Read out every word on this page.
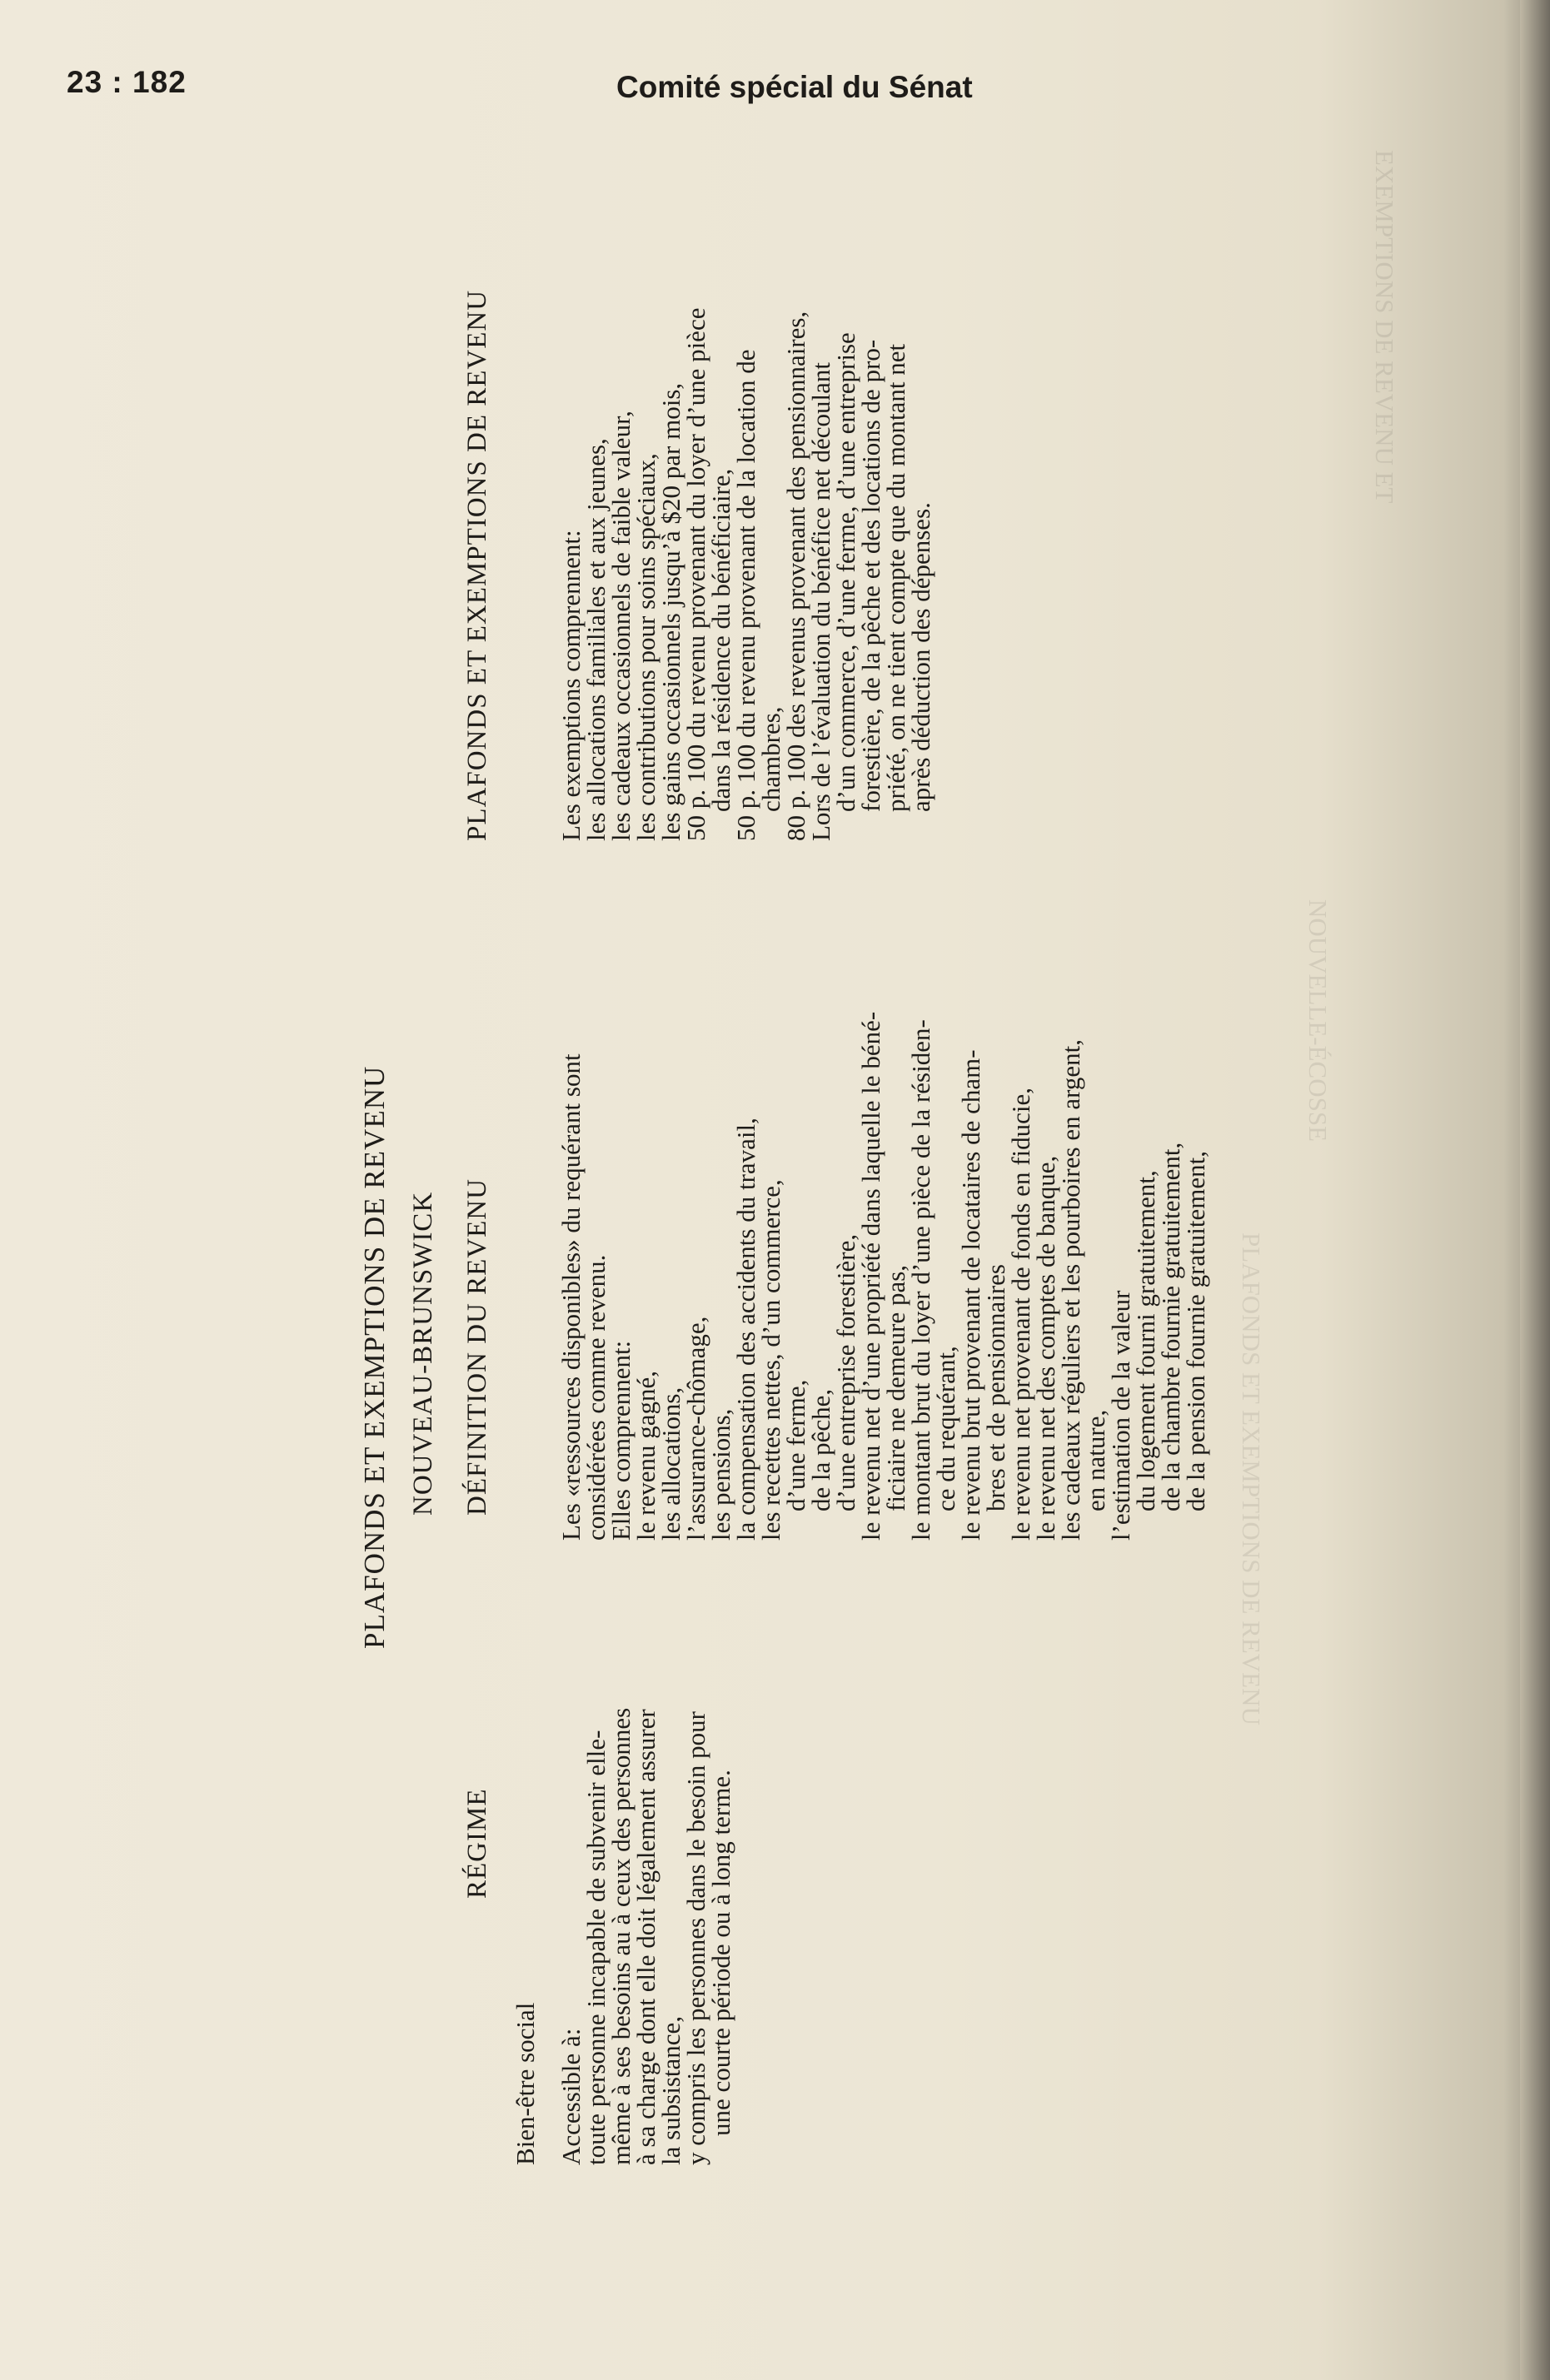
23 : 182	Comité spécial du Sénat
PLAFONDS ET EXEMPTIONS DE REVENU NOUVEAU-BRUNSWICK
RÉGIME
DÉFINITION DU REVENU
PLAFONDS ET EXEMPTIONS DE REVENU
Bien-être social Accessible à:
toute personne incapable de subvenir elle-
même à ses besoins au à ceux des personnes
à sa charge dont elle doit légalement assurer
la subsistance,
y compris les personnes dans le besoin pour
une courte période ou à long terme.
Les «ressources disponibles» du requérant sont
considérées comme revenu.
Elles comprennent:
le revenu gagné,
les allocations,
l’assurance-chômage,
les pensions,
la compensation des accidents du travail,
les recettes nettes, d’un commerce,
d’une ferme,
de la pêche,
d’une entreprise forestière,
le revenu net d’une propriété dans laquelle le béné-
ficiaire ne demeure pas,
le montant brut du loyer d’une pièce de la résiden-
ce du requérant,
le revenu brut provenant de locataires de cham-
bres et de pensionnaires
le revenu net provenant de fonds en fiducie,
le revenu net des comptes de banque,
les cadeaux réguliers et les pourboires en argent,
en nature,
l’estimation de la valeur
du logement fourni gratuitement,
de la chambre fournie gratuitement,
de la pension fournie gratuitement,
Les exemptions comprennent:
les allocations familiales et aux jeunes,
les cadeaux occasionnels de faible valeur,
les contributions pour soins spéciaux,
les gains occasionnels jusqu’à $20 par mois,
50 p. 100 du revenu provenant du loyer d’une pièce
dans la résidence du bénéficiaire,
50 p. 100 du revenu provenant de la location de
chambres,
80 p. 100 des revenus provenant des pensionnaires,
Lors de l’évaluation du bénéfice net découlant
d’un commerce, d’une ferme, d’une entreprise
forestière, de la pêche et des locations de pro-
priété, on ne tient compte que du montant net
après déduction des dépenses.
